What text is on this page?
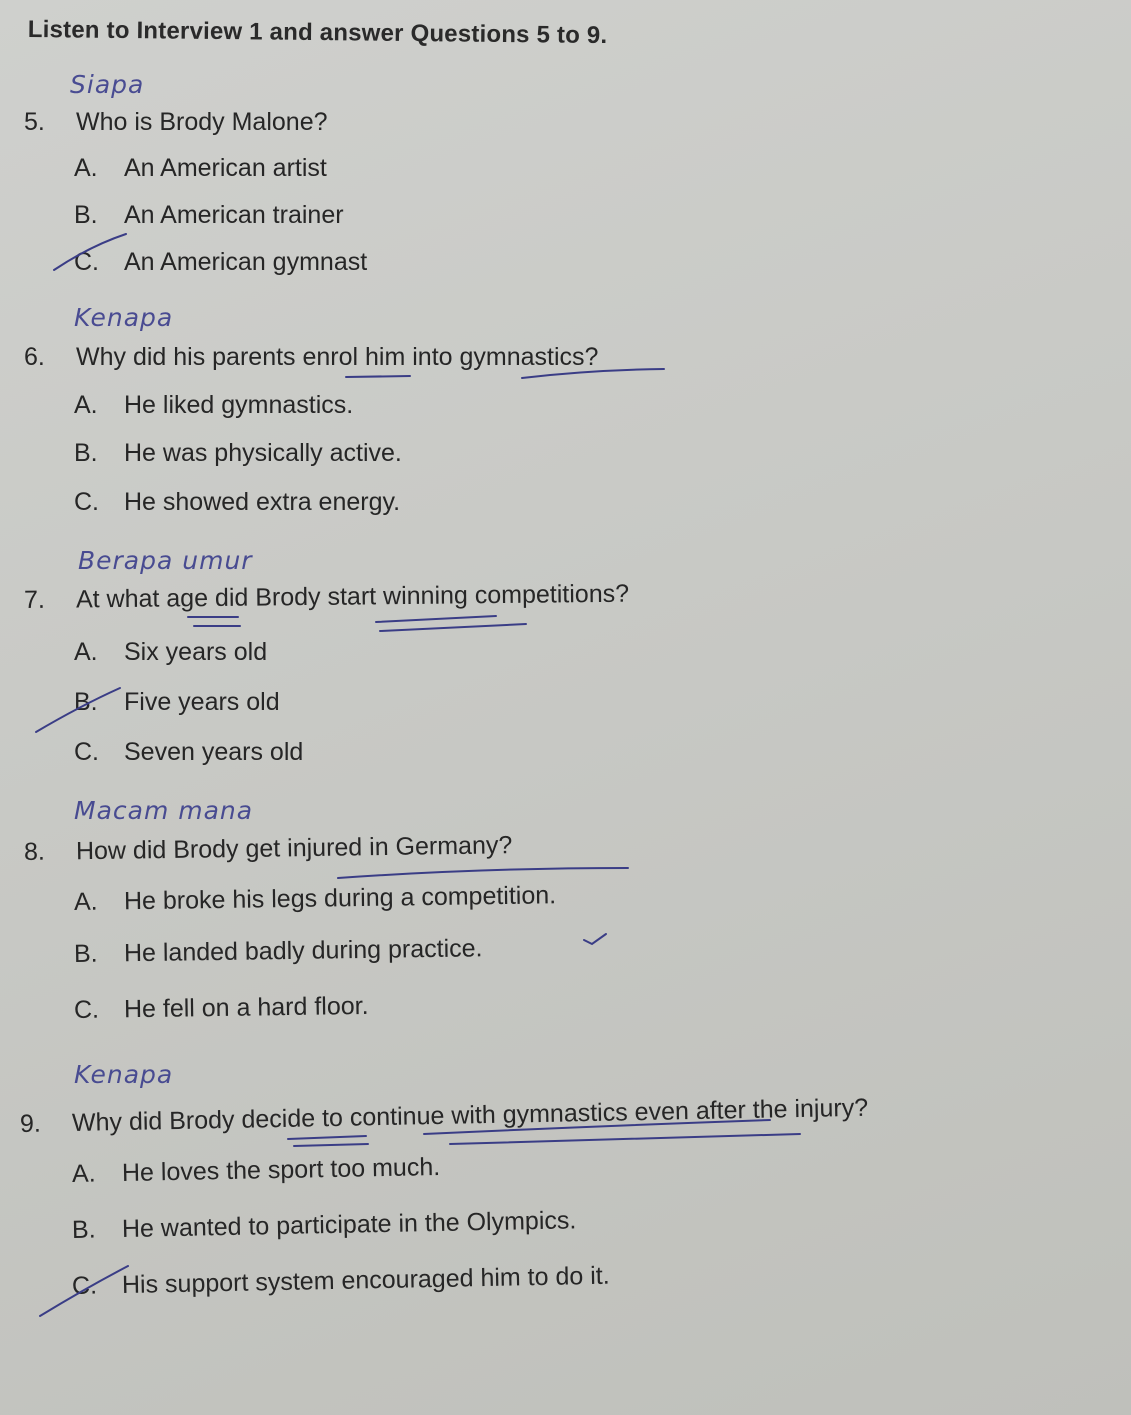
Listen to Interview 1 and answer Questions 5 to 9.
Siapa
5. Who is Brody Malone?
A. An American artist
B. An American trainer
C. An American gymnast
Kenapa
6. Why did his parents enrol him into gymnastics?
A. He liked gymnastics.
B. He was physically active.
C. He showed extra energy.
Berapa umur
7. At what age did Brody start winning competitions?
A. Six years old
B. Five years old
C. Seven years old
Macam mana
8. How did Brody get injured in Germany?
A. He broke his legs during a competition.
B. He landed badly during practice.
C. He fell on a hard floor.
Kenapa
9. Why did Brody decide to continue with gymnastics even after the injury?
A. He loves the sport too much.
B. He wanted to participate in the Olympics.
C. His support system encouraged him to do it.
